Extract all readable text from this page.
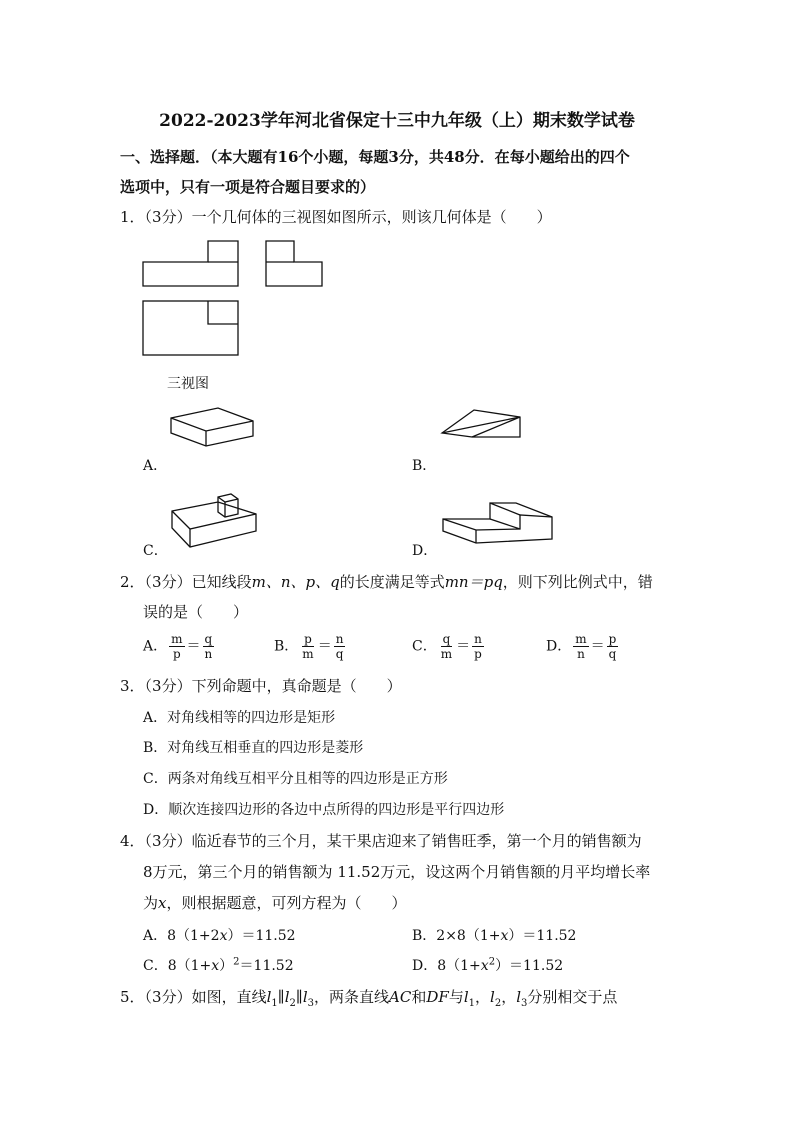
2022-2023学年河北省保定十三中九年级（上）期末数学试卷
一、选择题．（本大题有16个小题，每题3分，共48分．在每小题给出的四个
选项中，只有一项是符合题目要求的）
1．（3分）一个几何体的三视图如图所示，则该几何体是（　　）
三视图
A．	B．
C．	D．
2．（3分）已知线段m、n、p、q的长度满足等式mn＝pq，则下列比例式中，错
误的是（　　）
A． $\frac{m}{p} = \frac{q}{n}$	B． $\frac{p}{m} = \frac{n}{q}$	C． $\frac{q}{m} = \frac{n}{p}$	D． $\frac{m}{n} = \frac{p}{q}$
3．（3分）下列命题中，真命题是（　　）
A．对角线相等的四边形是矩形
B．对角线互相垂直的四边形是菱形
C．两条对角线互相平分且相等的四边形是正方形
D．顺次连接四边形的各边中点所得的四边形是平行四边形
4．（3分）临近春节的三个月，某干果店迎来了销售旺季，第一个月的销售额为
8万元，第三个月的销售额为 11.52万元，设这两个月销售额的月平均增长率
为x，则根据题意，可列方程为（　　）
A．8（1+2x）＝11.52	B．2×8（1+x）＝11.52
C．$8(1+x)^2=11.52$	D．$8(1+x^2)=11.52$
5．（3分）如图，直线$l_1\parallel l_2\parallel l_3$，两条直线AC和DF与$l_1$，$l_2$，$l_3$分别相交于点
